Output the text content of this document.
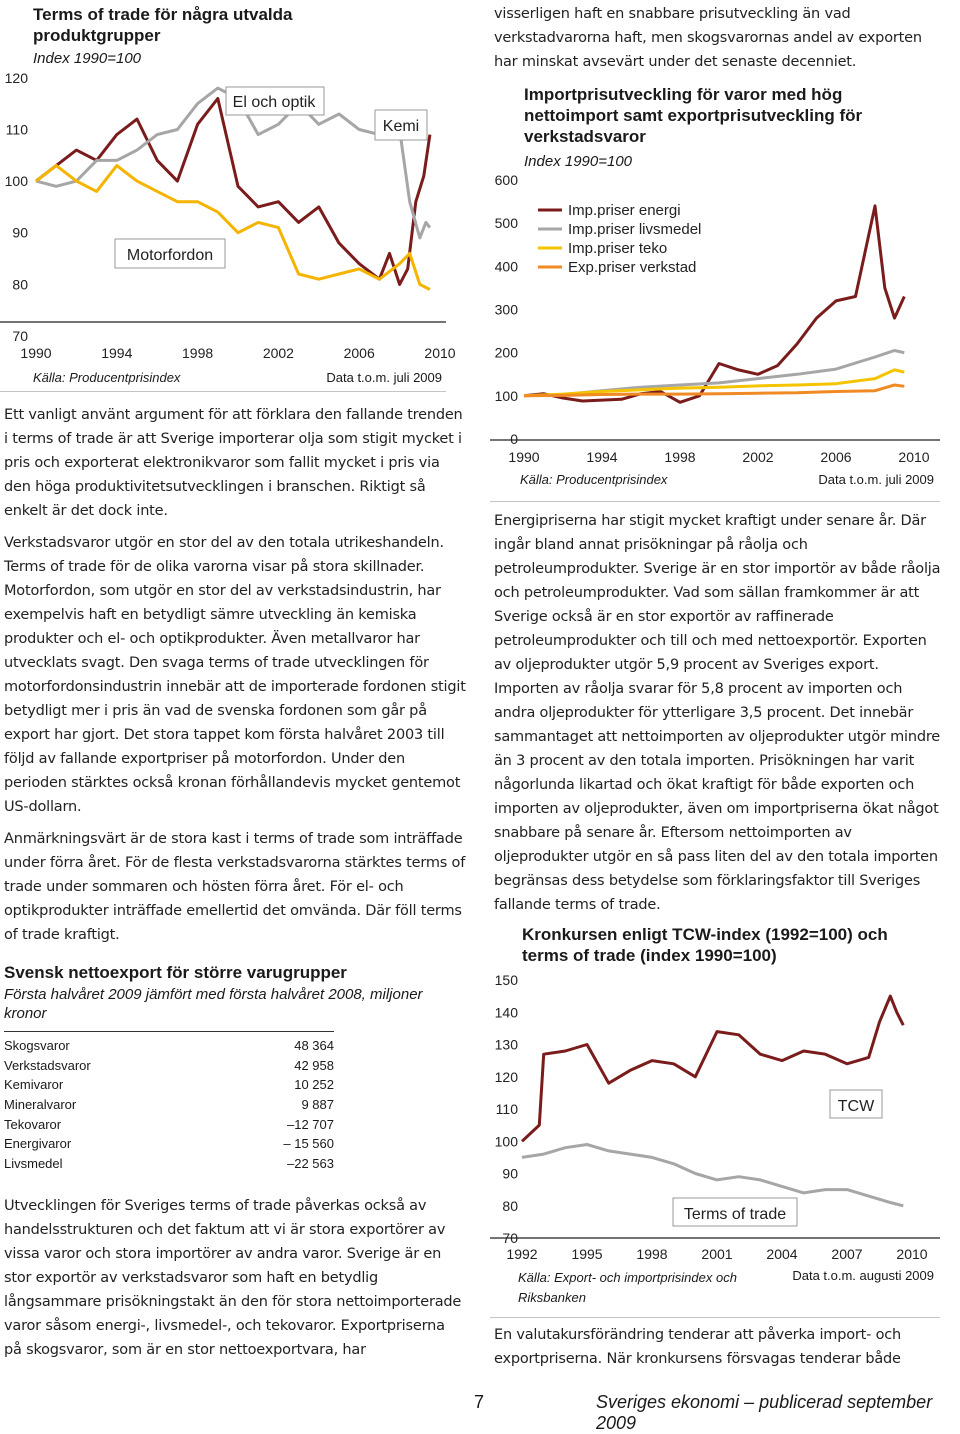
Terms of trade för några utvalda produktgrupper
Index 1990=100
70
80
90
100
110
120
1990	1994	1998	2002	2006	2010
El och optik
Kemi
Motorfordon
Källa: Producentprisindex	Data t.o.m. juli 2009

Ett vanligt använt argument för att förklara den fallande trenden i terms of trade är att Sverige importerar olja som stigit mycket i pris och exporterat elektronikvaror som fallit mycket i pris via den höga produktivitetsutvecklingen i branschen. Riktigt så enkelt är det dock inte.

Verkstadsvaror utgör en stor del av den totala utrikeshandeln. Terms of trade för de olika varorna visar på stora skillnader. Motorfordon, som utgör en stor del av verkstadsindustrin, har exempelvis haft en betydligt sämre utveckling än kemiska produkter och el- och optikprodukter. Även metallvaror har utvecklats svagt. Den svaga terms of trade utvecklingen för motorfordonsindustrin innebär att de importerade fordonen stigit betydligt mer i pris än vad de svenska fordonen som går på export har gjort. Det stora tappet kom första halvåret 2003 till följd av fallande exportpriser på motorfordon. Under den perioden stärktes också kronan förhållandevis mycket gentemot US-dollarn.

Anmärkningsvärt är de stora kast i terms of trade som inträffade under förra året. För de flesta verkstadsvarorna stärktes terms of trade under sommaren och hösten förra året. För el- och optikprodukter inträffade emellertid det omvända. Där föll terms of trade kraftigt.

Svensk nettoexport för större varugrupper
Första halvåret 2009 jämfört med första halvåret 2008, miljoner kronor
Skogsvaror	48 364
Verkstadsvaror	42 958
Kemivaror	10 252
Mineralvaror	9 887
Tekovaror	–12 707
Energivaror	– 15 560
Livsmedel	–22 563

Utvecklingen för Sveriges terms of trade påverkas också av handelsstrukturen och det faktum att vi är stora exportörer av vissa varor och stora importörer av andra varor. Sverige är en stor exportör av verkstadsvaror som haft en betydlig långsammare prisökningstakt än den för stora nettoimporterade varor såsom energi-, livsmedel-, och tekovaror. Exportpriserna på skogsvaror, som är en stor nettoexportvara, har

visserligen haft en snabbare prisutveckling än vad verkstadvarorna haft, men skogsvarornas andel av exporten har minskat avsevärt under det senaste decenniet.
Importprisutveckling för varor med hög nettoimport samt exportprisutveckling för verkstadsvaror
Index 1990=100
0
100
200
300
400
500
600
1990	1994	1998	2002	2006	2010
Imp.priser energi
Imp.priser livsmedel
Imp.priser teko
Exp.priser verkstad
Källa: Producentprisindex	Data t.o.m. juli 2009
Energipriserna har stigit mycket kraftigt under senare år. Där ingår bland annat prisökningar på råolja och petroleumprodukter. Sverige är en stor importör av både råolja och petroleumprodukter. Vad som sällan framkommer är att Sverige också är en stor exportör av raffinerade petroleumprodukter och till och med nettoexportör. Exporten av oljeprodukter utgör 5,9 procent av Sveriges export. Importen av råolja svarar för 5,8 procent av importen och andra oljeprodukter för ytterligare 3,5 procent. Det innebär sammantaget att nettoimporten av oljeprodukter utgör mindre än 3 procent av den totala importen. Prisökningen har varit någorlunda likartad och ökat kraftigt för både exporten och importen av oljeprodukter, även om importpriserna ökat något snabbare på senare år. Eftersom nettoimporten av oljeprodukter utgör en så pass liten del av den totala importen begränsas dess betydelse som förklaringsfaktor till Sveriges fallande terms of trade.
Kronkursen enligt TCW-index (1992=100) och terms of trade (index 1990=100)
70
80
90
100
110
120
130
140
150
1992 1995 1998 2001 2004 2007 2010
TCW
Terms of trade
Källa: Export- och importprisindex och Riksbanken
Data t.o.m. augusti 2009
En valutakursförändring tenderar att påverka import- och exportpriserna. När kronkursens försvagas tenderar både
7	Sveriges ekonomi – publicerad september 2009
